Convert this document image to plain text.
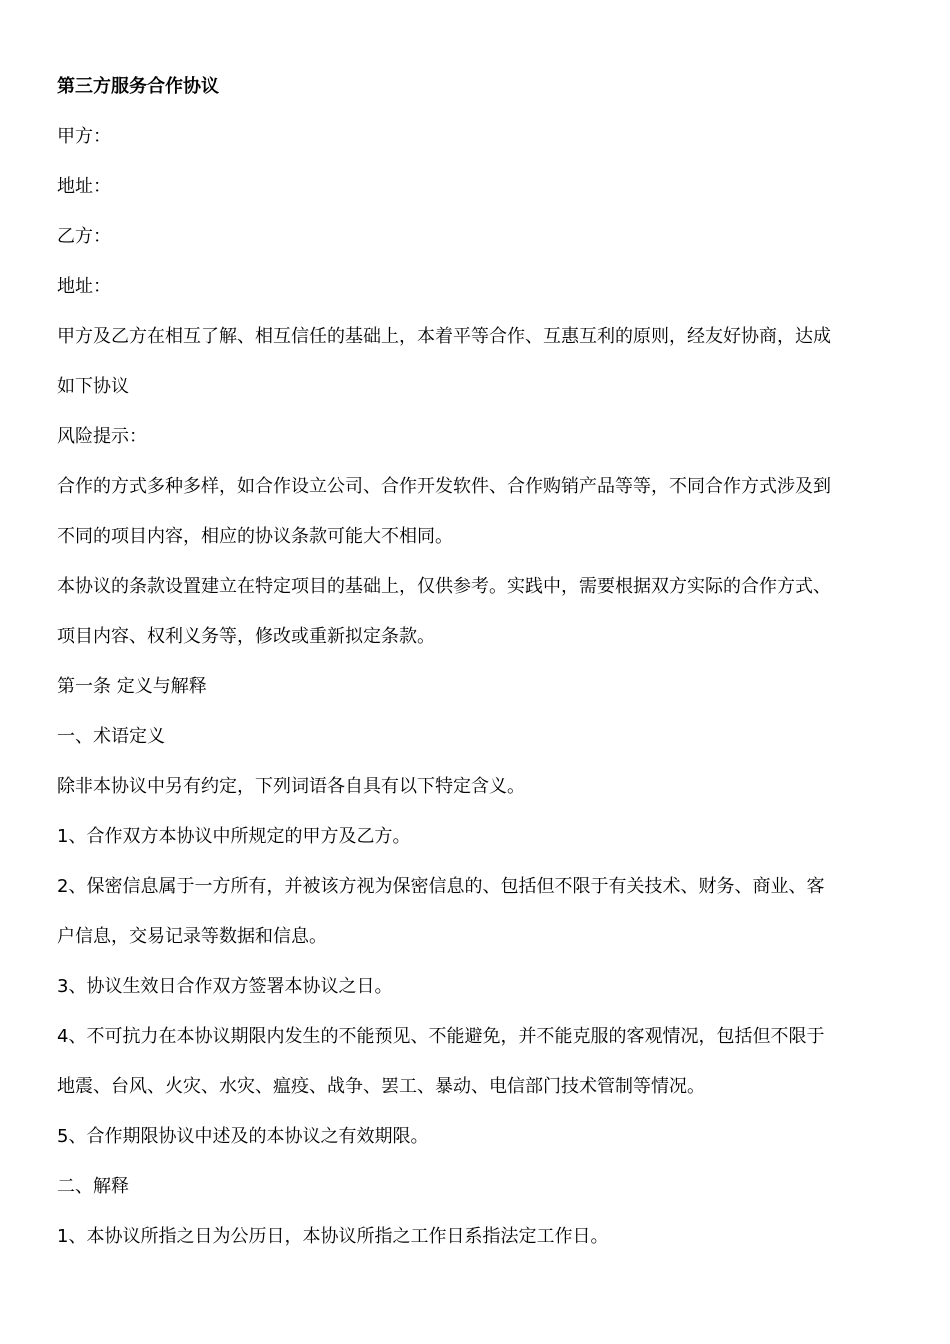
第三方服务合作协议

甲方：

地址：

乙方：

地址：

甲方及乙方在相互了解、相互信任的基础上，本着平等合作、互惠互利的原则，经友好协商，达成

如下协议

风险提示：

合作的方式多种多样，如合作设立公司、合作开发软件、合作购销产品等等，不同合作方式涉及到

不同的项目内容，相应的协议条款可能大不相同。

本协议的条款设置建立在特定项目的基础上，仅供参考。实践中，需要根据双方实际的合作方式、

项目内容、权利义务等，修改或重新拟定条款。

第一条 定义与解释

一、术语定义

除非本协议中另有约定，下列词语各自具有以下特定含义。

1、合作双方本协议中所规定的甲方及乙方。

2、保密信息属于一方所有，并被该方视为保密信息的、包括但不限于有关技术、财务、商业、客

户信息，交易记录等数据和信息。

3、协议生效日合作双方签署本协议之日。

4、不可抗力在本协议期限内发生的不能预见、不能避免，并不能克服的客观情况，包括但不限于

地震、台风、火灾、水灾、瘟疫、战争、罢工、暴动、电信部门技术管制等情况。

5、合作期限协议中述及的本协议之有效期限。

二、解释

1、本协议所指之日为公历日，本协议所指之工作日系指法定工作日。
